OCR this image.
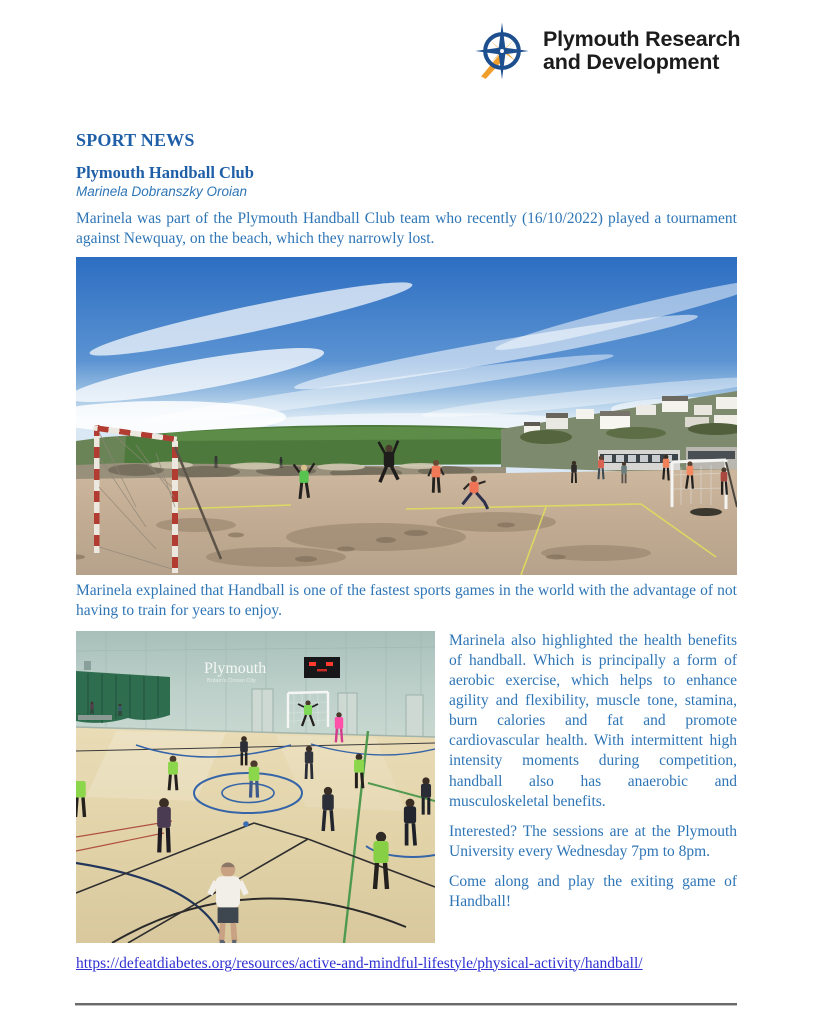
Plymouth Research
and Development
SPORT NEWS
Plymouth Handball Club
Marinela Dobranszky Oroian

Marinela was part of the Plymouth Handball Club team who recently (16/10/2022) played a tournament against Newquay, on the beach, which they narrowly lost.

Marinela explained that Handball is one of the fastest sports games in the world with the advantage of not having to train for years to enjoy.

Plymouth
Britain's Ocean City

Marinela also highlighted the health benefits of handball. Which is principally a form of aerobic exercise, which helps to enhance agility and flexibility, muscle tone, stamina, burn calories and fat and promote cardiovascular health. With intermittent high intensity moments during competition, handball also has anaerobic and musculoskeletal benefits.

Interested? The sessions are at the Plymouth University every Wednesday 7pm to 8pm.

Come along and play the exiting game of Handball!

https://defeatdiabetes.org/resources/active-and-mindful-lifestyle/physical-activity/handball/
